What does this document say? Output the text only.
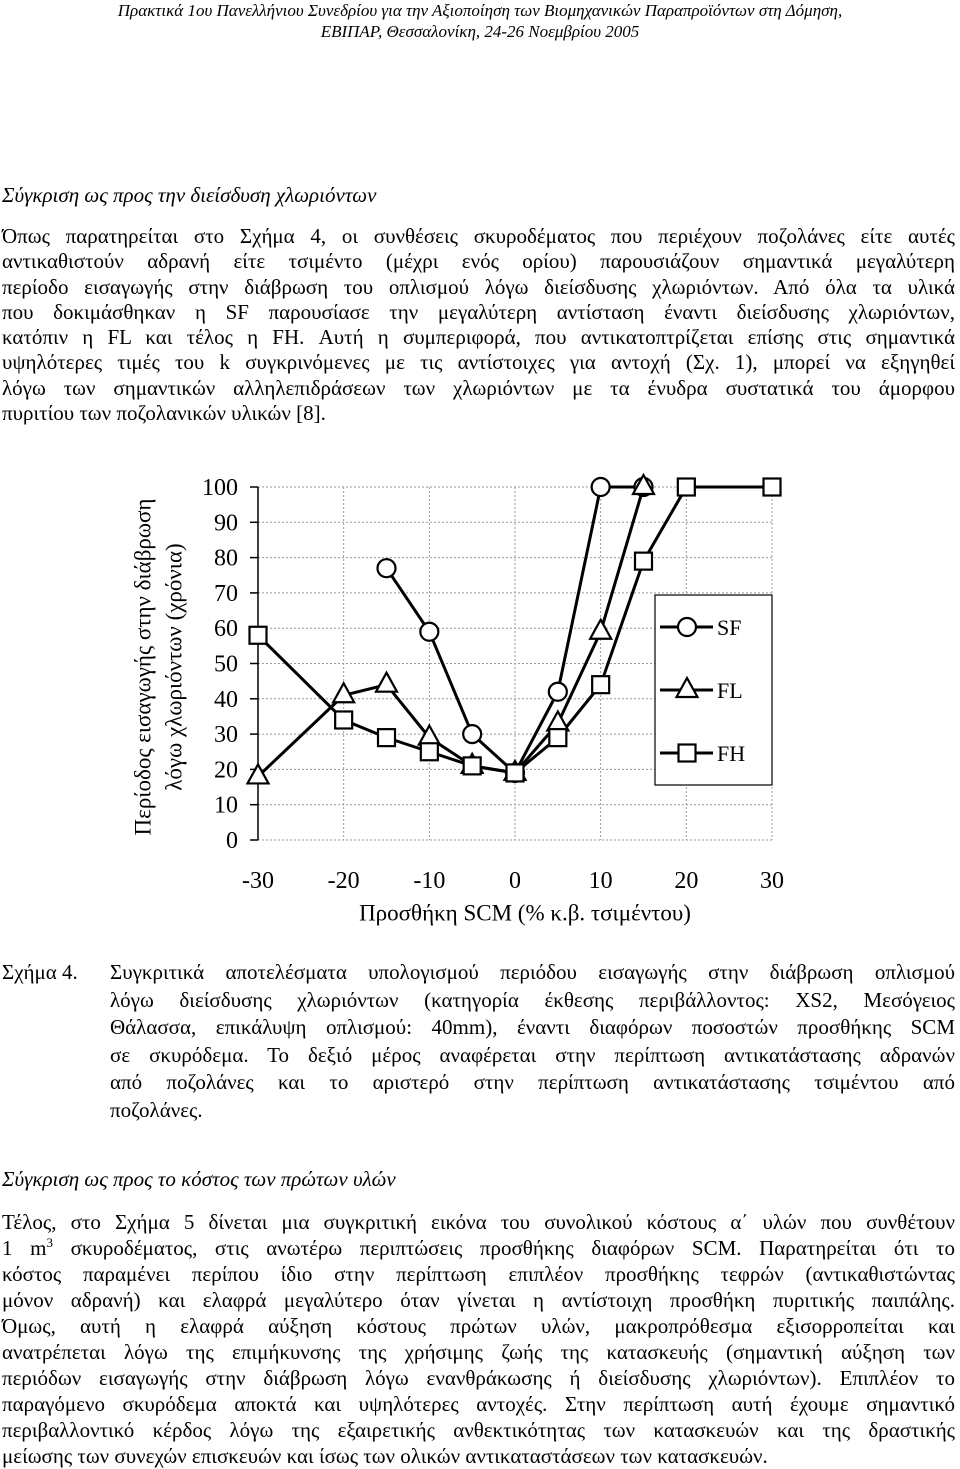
Πρακτικά 1ου Πανελλήνιου Συνεδρίου για την Αξιοποίηση των Βιομηχανικών Παραπροϊόντων στη Δόμηση,
ΕΒΙΠΑΡ, Θεσσαλονίκη, 24-26 Νοεμβρίου 2005
Σύγκριση ως προς την διείσδυση χλωριόντων
Όπως παρατηρείται στο Σχήμα 4, οι συνθέσεις σκυροδέματος που περιέχουν ποζολάνες είτε αυτές
αντικαθιστούν αδρανή είτε τσιμέντο (μέχρι ενός ορίου) παρουσιάζουν σημαντικά μεγαλύτερη
περίοδο εισαγωγής στην διάβρωση του οπλισμού λόγω διείσδυσης χλωριόντων. Από όλα τα υλικά
που δοκιμάσθηκαν η SF παρουσίασε την μεγαλύτερη αντίσταση έναντι διείσδυσης χλωριόντων,
κατόπιν η FL και τέλος η FH. Αυτή η συμπεριφορά, που αντικατοπτρίζεται επίσης στις σημαντικά
υψηλότερες τιμές του k συγκρινόμενες με τις αντίστοιχες για αντοχή (Σχ. 1), μπορεί να εξηγηθεί
λόγω των σημαντικών αλληλεπιδράσεων των χλωριόντων με τα ένυδρα συστατικά του άμορφου
πυριτίου των ποζολανικών υλικών [8].
0
10
20
30
40
50
60
70
80
90
100
-30 -20 -10	0	10	20	30
SF
FL
FH
Περίοδος εισαγωγής στην διάβρωση λόγω χλωριόντων (χρόνια)
Προσθήκη SCM (% κ.β. τσιμέντου)
Σχήμα 4. Συγκριτικά αποτελέσματα υπολογισμού περιόδου εισαγωγής στην διάβρωση οπλισμού
λόγω διείσδυσης χλωριόντων (κατηγορία έκθεσης περιβάλλοντος: XS2, Μεσόγειος
Θάλασσα, επικάλυψη οπλισμού: 40mm), έναντι διαφόρων ποσοστών προσθήκης SCM
σε σκυρόδεμα. Το δεξιό μέρος αναφέρεται στην περίπτωση αντικατάστασης αδρανών
από ποζολάνες και το αριστερό στην περίπτωση αντικατάστασης τσιμέντου από
ποζολάνες.
Σύγκριση ως προς το κόστος των πρώτων υλών
Τέλος, στο Σχήμα 5 δίνεται μια συγκριτική εικόνα του συνολικού κόστους α΄ υλών που συνθέτουν
1 $m^3$ σκυροδέματος, στις ανωτέρω περιπτώσεις προσθήκης διαφόρων SCM. Παρατηρείται ότι το
κόστος παραμένει περίπου ίδιο στην περίπτωση επιπλέον προσθήκης τεφρών (αντικαθιστώντας
μόνον αδρανή) και ελαφρά μεγαλύτερο όταν γίνεται η αντίστοιχη προσθήκη πυριτικής παιπάλης.
Όμως, αυτή η ελαφρά αύξηση κόστους πρώτων υλών, μακροπρόθεσμα εξισορροπείται και
ανατρέπεται λόγω της επιμήκυνσης της χρήσιμης ζωής της κατασκευής (σημαντική αύξηση των
περιόδων εισαγωγής στην διάβρωση λόγω ενανθράκωσης ή διείσδυσης χλωριόντων). Επιπλέον το
παραγόμενο σκυρόδεμα αποκτά και υψηλότερες αντοχές. Στην περίπτωση αυτή έχουμε σημαντικό
περιβαλλοντικό κέρδος λόγω της εξαιρετικής ανθεκτικότητας των κατασκευών και της δραστικής
μείωσης των συνεχών επισκευών και ίσως των ολικών αντικαταστάσεων των κατασκευών.
